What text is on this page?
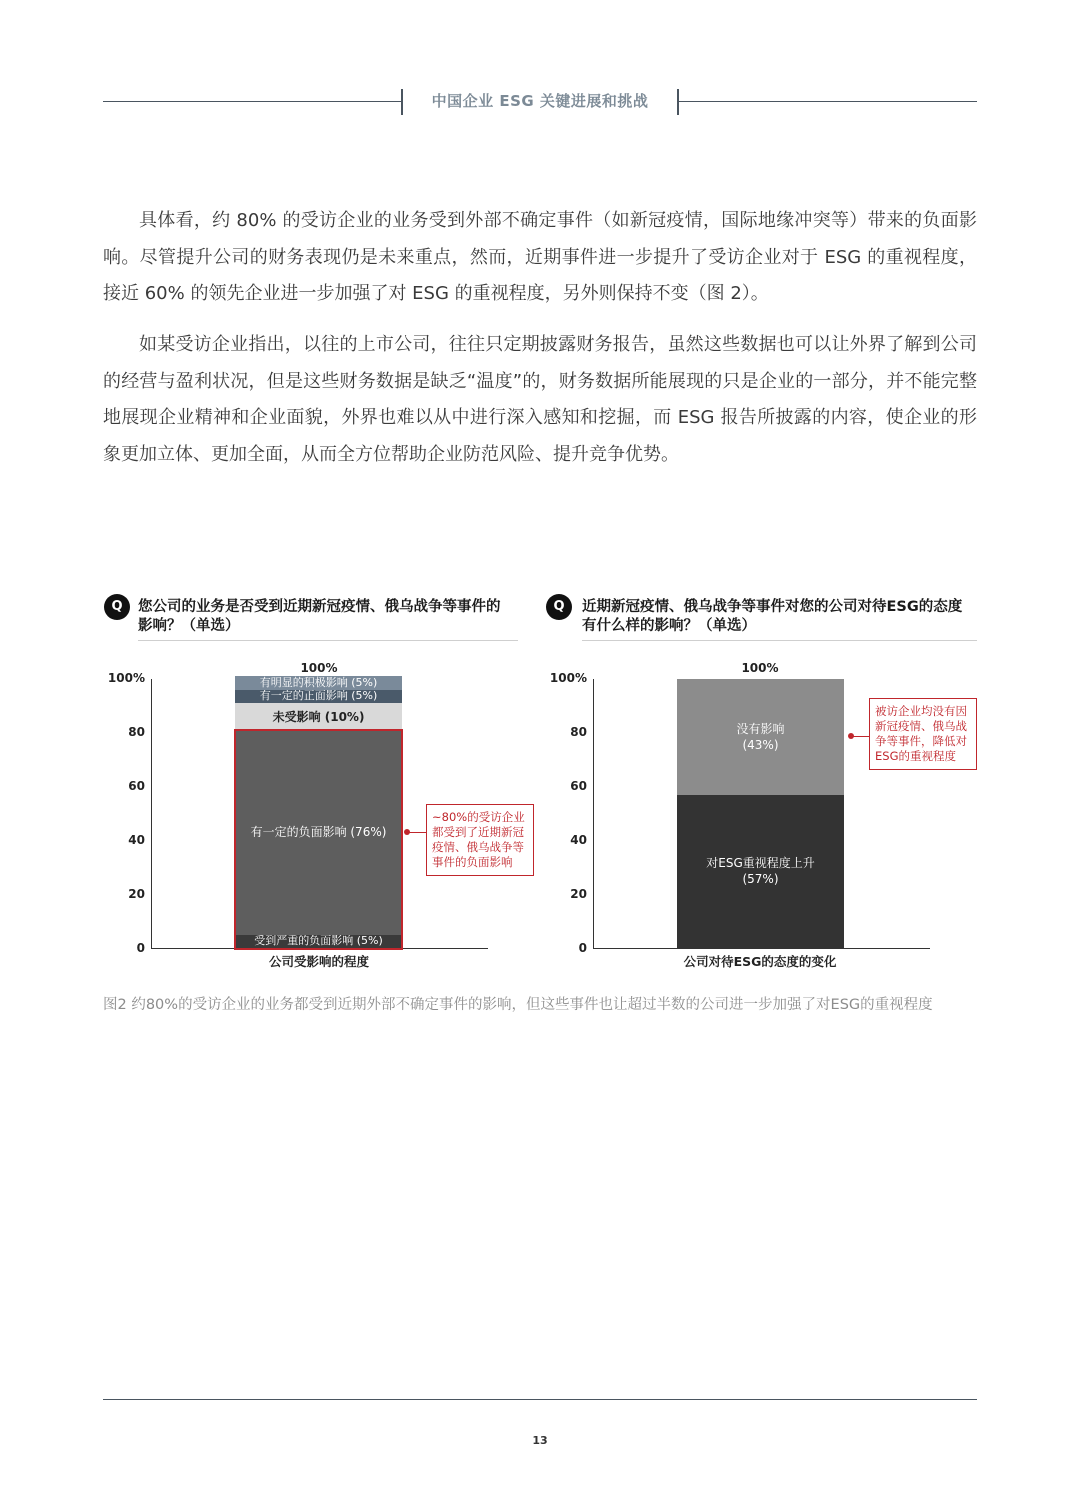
中国企业 ESG 关键进展和挑战

具体看，约 80% 的受访企业的业务受到外部不确定事件（如新冠疫情，国际地缘冲突等）带来的负面影响。尽管提升公司的财务表现仍是未来重点，然而，近期事件进一步提升了受访企业对于 ESG 的重视程度，接近 60% 的领先企业进一步加强了对 ESG 的重视程度，另外则保持不变（图 2）。

如某受访企业指出，以往的上市公司，往往只定期披露财务报告，虽然这些数据也可以让外界了解到公司的经营与盈利状况，但是这些财务数据是缺乏“温度”的，财务数据所能展现的只是企业的一部分，并不能完整地展现企业精神和企业面貌，外界也难以从中进行深入感知和挖掘，而 ESG 报告所披露的内容，使企业的形象更加立体、更加全面，从而全方位帮助企业防范风险、提升竞争优势。

Q	您公司的业务是否受到近期新冠疫情、俄乌战争等事件的影响？（单选）
100%
80
60
40
20
0
100%
受到严重的负面影响 (5%)
有一定的负面影响 (76%)
未受影响 (10%)
有一定的正面影响 (5%)
有明显的积极影响 (5%)
~80%的受访企业都受到了近期新冠疫情、俄乌战争等事件的负面影响
公司受影响的程度
Q	近期新冠疫情、俄乌战争等事件对您的公司对待ESG的态度有什么样的影响？（单选）
100%
80
60
40
20
0
100%
对ESG重视程度上升
(57%)
没有影响
(43%)
被访企业均没有因新冠疫情、俄乌战争等事件，降低对ESG的重视程度
公司对待ESG的态度的变化
图2 约80%的受访企业的业务都受到近期外部不确定事件的影响，但这些事件也让超过半数的公司进一步加强了对ESG的重视程度
13
